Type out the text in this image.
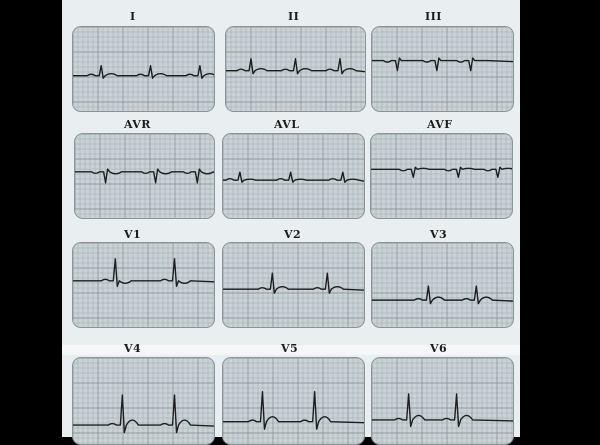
I	II	III
AVR	AVL	AVF
V1	V2	V3
V4	V5	V6
